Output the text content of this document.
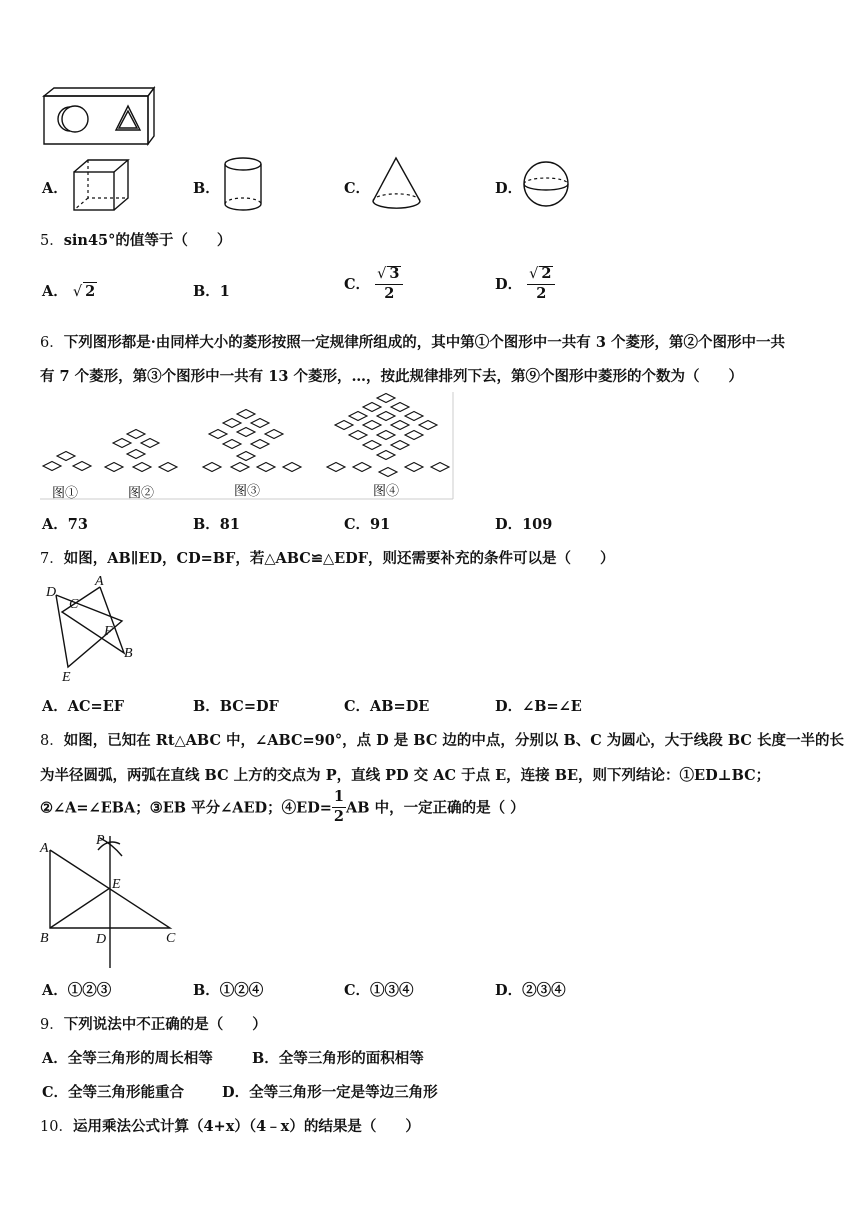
A．	B．	C．	D．
5．sin45°的值等于（　　）
A． √ 2	B．1	C． $\frac{√ 3}{2}$	D． $\frac{√ 2}{2}$
6．下列图形都是·由同样大小的菱形按照一定规律所组成的，其中第①个图形中一共有 3 个菱形，第②个图形中一共
有 7 个菱形，第③个图形中一共有 13 个菱形，…，按此规律排列下去，第⑨个图形中菱形的个数为（　　）
图①	图②	图③	图④
A．73	B．81	C．91	D．109
7．如图，AB∥ED，CD=BF，若△ABC≌△EDF，则还需要补充的条件可以是（　　）
D
A
C
F
B
E
A．AC=EF	B．BC=DF	C．AB=DE	D．∠B=∠E
8．如图，已知在 Rt△ABC 中，∠ABC=90°，点 D 是 BC 边的中点，分别以 B、C 为圆心，大于线段 BC 长度一半的长
为半径圆弧，两弧在直线 BC 上方的交点为 P，直线 PD 交 AC 于点 E，连接 BE，则下列结论：①ED⊥BC；
②∠A=∠EBA；③EB 平分∠AED；④ED= $\frac{1}{2}$ AB 中，一定正确的是（ ）
A
P
E
B	D	C
A．①②③	B．①②④	C．①③④	D．②③④
9．下列说法中不正确的是（　　）
A．全等三角形的周长相等	B．全等三角形的面积相等
C．全等三角形能重合	D．全等三角形一定是等边三角形
10．运用乘法公式计算（4+x）（4﹣x）的结果是（　　）
